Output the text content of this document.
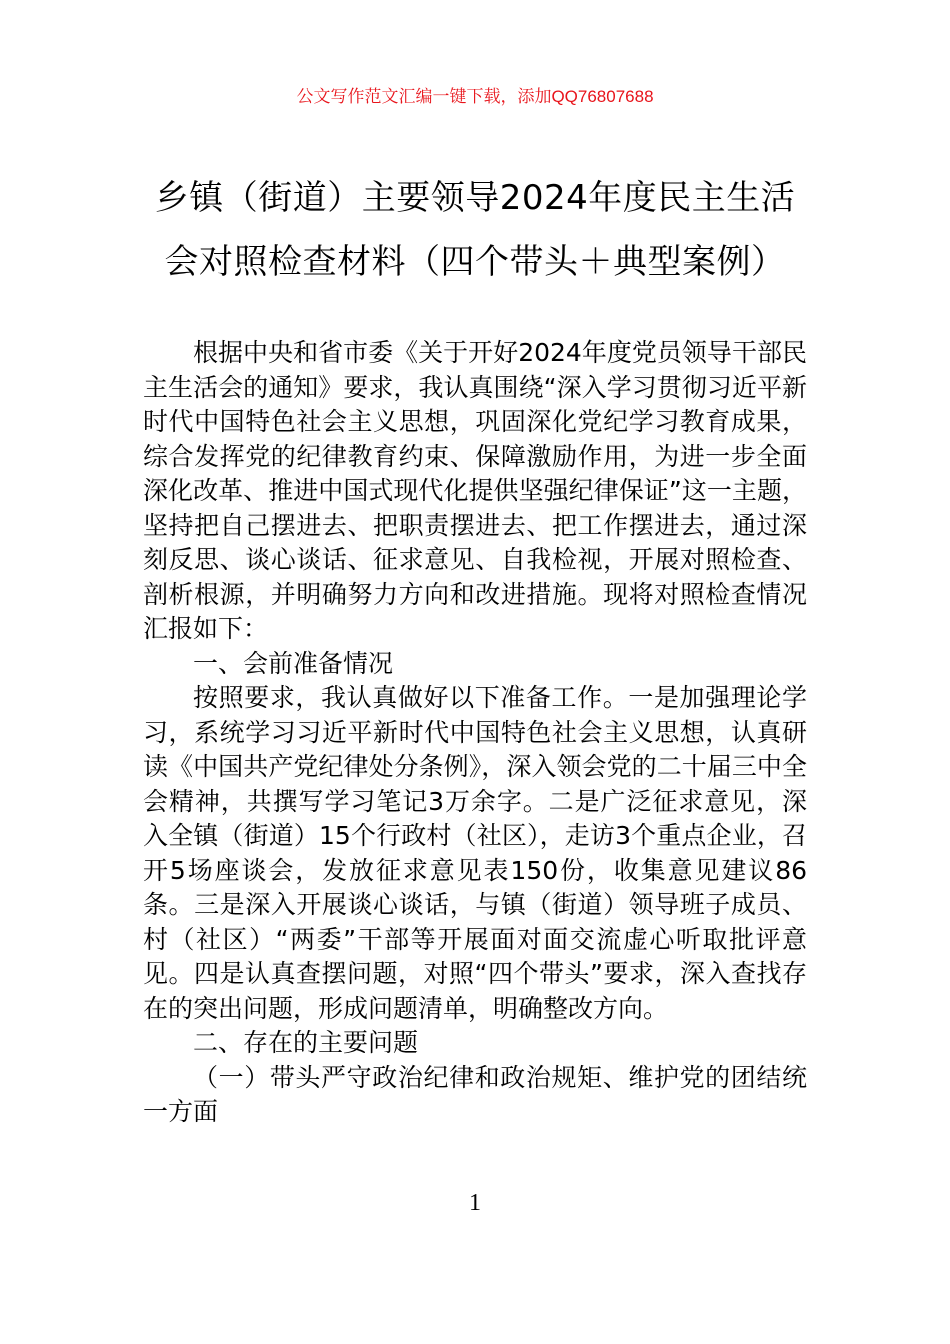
公文写作范文汇编一键下载，添加QQ76807688
乡镇（街道）主要领导2024年度民主生活
会对照检查材料（四个带头＋典型案例）

根据中央和省市委《关于开好2024年度党员领导干部民主生活会的通知》要求，我认真围绕“深入学习贯彻习近平新时代中国特色社会主义思想，巩固深化党纪学习教育成果，综合发挥党的纪律教育约束、保障激励作用，为进一步全面深化改革、推进中国式现代化提供坚强纪律保证”这一主题，坚持把自己摆进去、把职责摆进去、把工作摆进去，通过深刻反思、谈心谈话、征求意见、自我检视，开展对照检查、剖析根源，并明确努力方向和改进措施。现将对照检查情况汇报如下：

一、会前准备情况

按照要求，我认真做好以下准备工作。一是加强理论学习，系统学习习近平新时代中国特色社会主义思想，认真研读《中国共产党纪律处分条例》，深入领会党的二十届三中全会精神，共撰写学习笔记3万余字。二是广泛征求意见，深入全镇（街道）15个行政村（社区），走访3个重点企业，召开5场座谈会，发放征求意见表150份，收集意见建议86条。三是深入开展谈心谈话，与镇（街道）领导班子成员、村（社区）“两委”干部等开展面对面交流虚心听取批评意见。四是认真查摆问题，对照“四个带头”要求，深入查找存在的突出问题，形成问题清单，明确整改方向。

二、存在的主要问题

（一）带头严守政治纪律和政治规矩、维护党的团结统一方面

1
